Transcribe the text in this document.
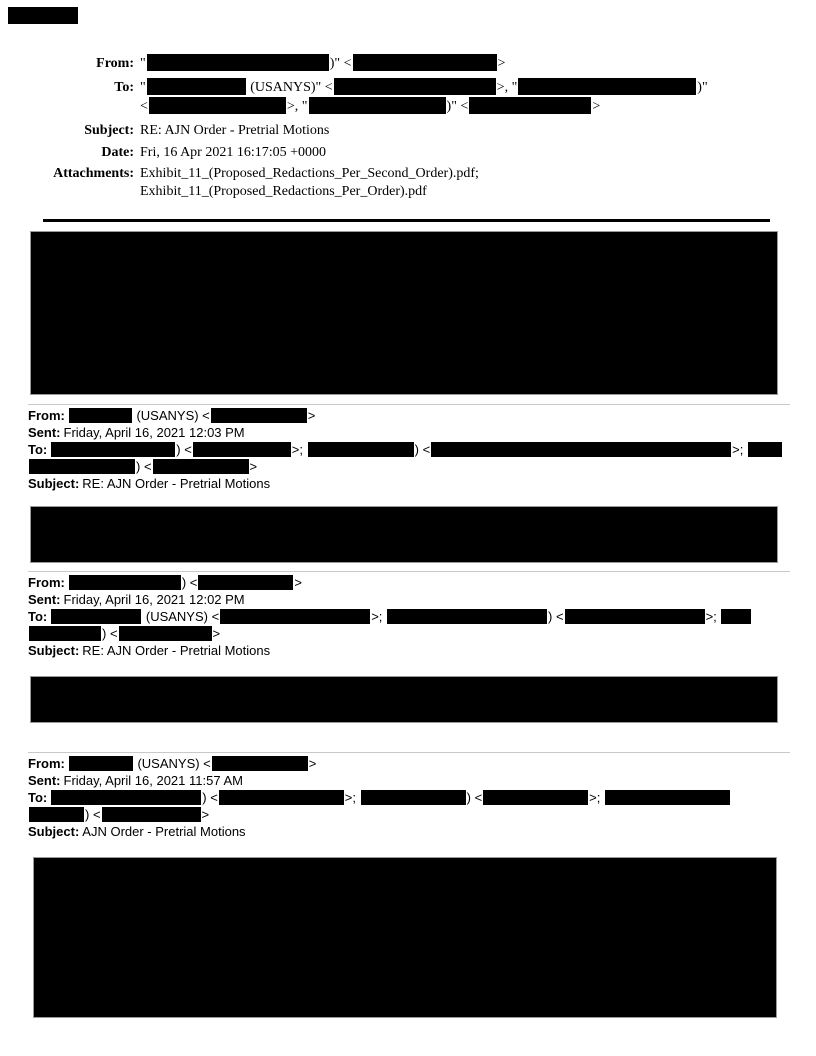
From: "	)" <	>
To: "	(USANYS)" <	>, "	)"
<	>, "	)" <	>
Subject: RE: AJN Order - Pretrial Motions
Date: Fri, 16 Apr 2021 16:17:05 +0000
Attachments: Exhibit_11_(Proposed_Redactions_Per_Second_Order).pdf;
Exhibit_11_(Proposed_Redactions_Per_Order).pdf
From:	(USANYS) <	>
Sent: Friday, April 16, 2021 12:03 PM
To:	) <	>;	) <	>;
) <	>
Subject: RE: AJN Order - Pretrial Motions
From:	) <	>
Sent: Friday, April 16, 2021 12:02 PM
To:	(USANYS) <	>;	) <	>;
) <	>
Subject: RE: AJN Order - Pretrial Motions
From:	(USANYS) <	>
Sent: Friday, April 16, 2021 11:57 AM
To:	) <	>;	) <	>;
) <	>
Subject: AJN Order - Pretrial Motions
